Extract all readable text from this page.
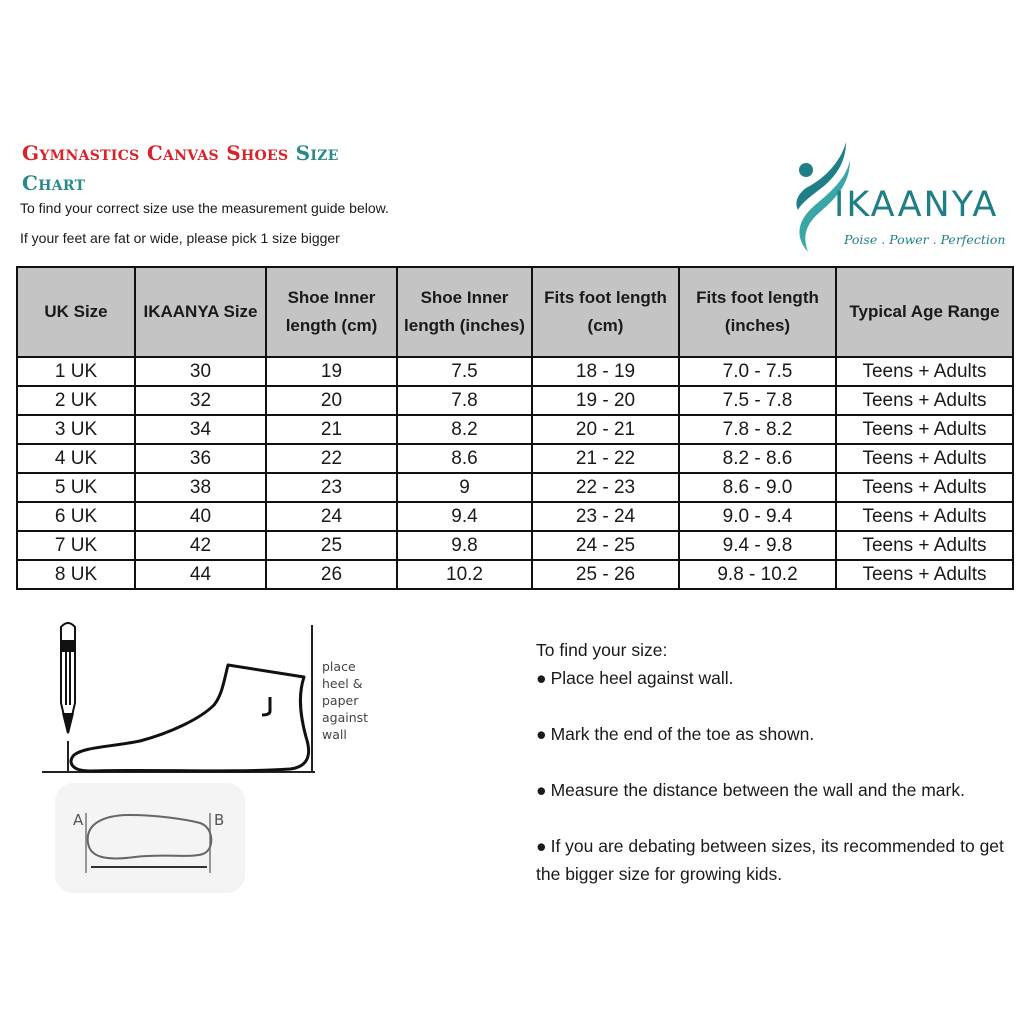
Gymnastics Canvas Shoes Size
Chart
To find your correct size use the measurement guide below.
If your feet are fat or wide, please pick 1 size bigger
IKAANYA
Poise . Power . Perfection
UK Size	IKAANYA Size	Shoe Inner length (cm)	Shoe Inner length (inches)	Fits foot length (cm)	Fits foot length (inches)	Typical Age Range
1 UK	30	19	7.5	18 - 19	7.0 - 7.5	Teens + Adults
2 UK	32	20	7.8	19 - 20	7.5 - 7.8	Teens + Adults
3 UK	34	21	8.2	20 - 21	7.8 - 8.2	Teens + Adults
4 UK	36	22	8.6	21 - 22	8.2 - 8.6	Teens + Adults
5 UK	38	23	9	22 - 23	8.6 - 9.0	Teens + Adults
6 UK	40	24	9.4	23 - 24	9.0 - 9.4	Teens + Adults
7 UK	42	25	9.8	24 - 25	9.4 - 9.8	Teens + Adults
8 UK	44	26	10.2	25 - 26	9.8 - 10.2	Teens + Adults
place heel & paper against wall
A	B

To find your size:

● Place heel against wall.

● Mark the end of the toe as shown.

● Measure the distance between the wall and the mark.

● If you are debating between sizes, its recommended to get the bigger size for growing kids.
